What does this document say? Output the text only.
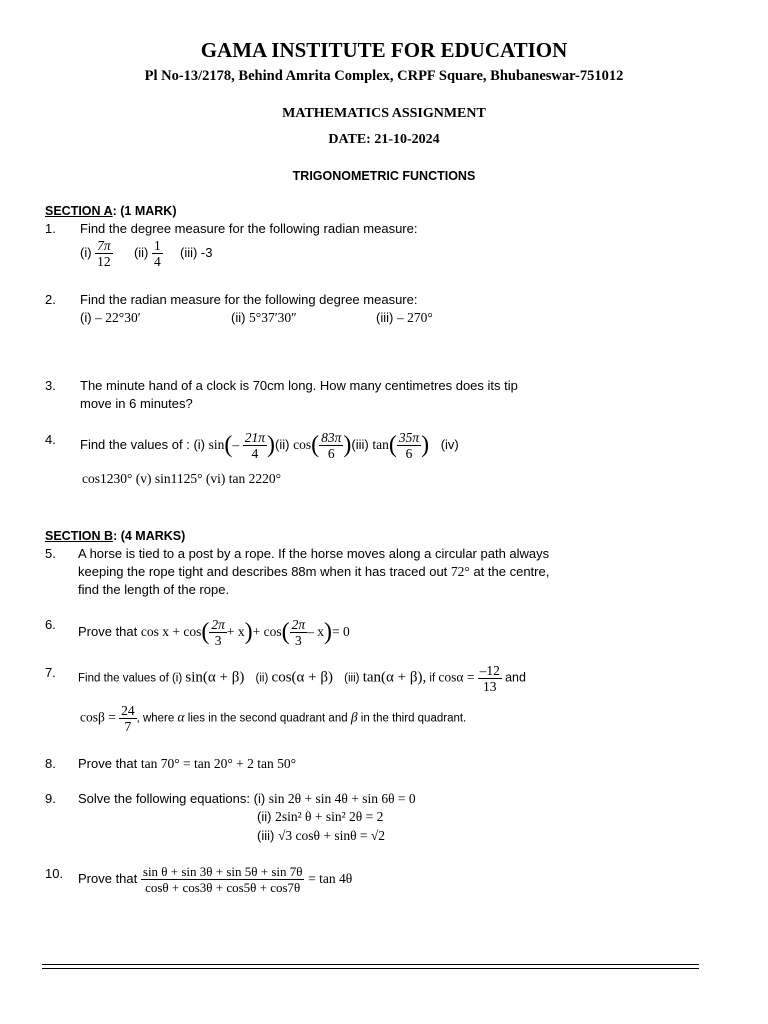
GAMA INSTITUTE FOR EDUCATION
Pl No-13/2178, Behind Amrita Complex, CRPF Square, Bhubaneswar-751012
MATHEMATICS ASSIGNMENT
DATE: 21-10-2024
TRIGONOMETRIC FUNCTIONS
SECTION A: (1 MARK)
1. Find the degree measure for the following radian measure:
$(i) \frac{7\pi}{12} (ii) \frac{1}{4} (iii)$ -3
2. Find the radian measure for the following degree measure:
(i) – 22°30′	(ii) 5°37′30″	(iii) – 270°
3. The minute hand of a clock is 70cm long. How many centimetres does its tip
move in 6 minutes?
4. Find the values of : (i) $\sin(- \frac{21\pi}{4} )(ii)$ $\cos( \frac{83\pi}{6} )(iii)$ $\tan( \frac{35\pi}{6}$ ) (iv)
cos1230° (v) sin1125° (vi) tan 2220°
SECTION B: (4 MARKS)
5. A horse is tied to a post by a rope. If the horse moves along a circular path always
keeping the rope tight and describes 88m when it has traced out 72° at the centre,
find the length of the rope.
6. Prove that $\cos x + \cos( \frac{2\pi}{3} + x)+ \cos( \frac{2\pi}{3} - x)= 0$
7. Find the values of (i) sin(α + β) (ii) cos(α + β) (iii) tan(α + β), if $\cos\alpha = \frac{-12}{13}$ and
$\cos\beta = \frac{24}{7}$ , where α lies in the second quadrant and β in the third quadrant.
8. Prove that tan 70° = tan 20° + 2 tan 50°
9. Solve the following equations: (i) sin 2θ + sin 4θ + sin 6θ = 0
(ii) 2sin² θ + sin² 2θ = 2
(iii) √3 cosθ + sinθ = √2
10. Prove that $\frac{\text{sin θ + sin 3θ + sin 5θ + sin 7θ}}{\cos\theta + \cos 3\theta + \cos 5\theta + \cos 7\theta} = \tan 4\theta$
